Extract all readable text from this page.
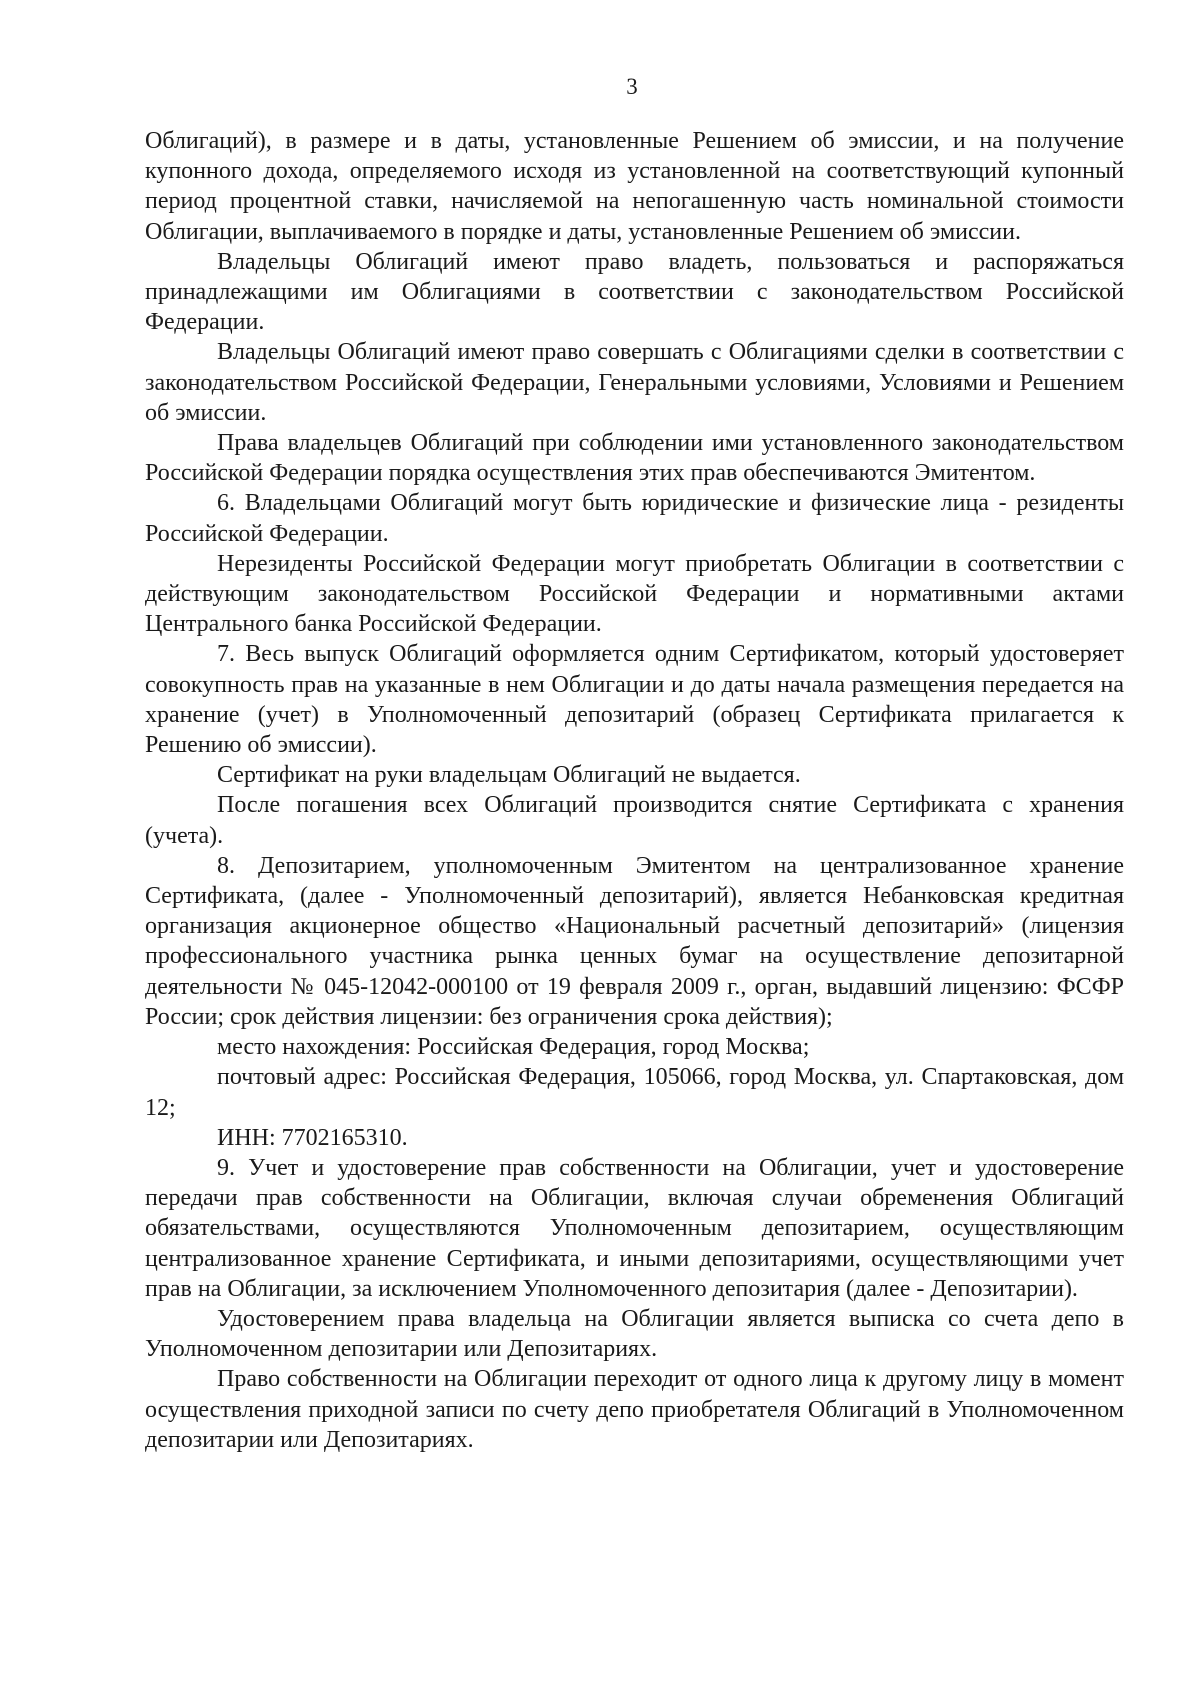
3

Облигаций), в размере и в даты, установленные Решением об эмиссии, и на получение купонного дохода, определяемого исходя из установленной на соответствующий купонный период процентной ставки, начисляемой на непогашенную часть номинальной стоимости Облигации, выплачиваемого в порядке и даты, установленные Решением об эмиссии.

Владельцы Облигаций имеют право владеть, пользоваться и распоряжаться принадлежащими им Облигациями в соответствии с законодательством Российской Федерации.

Владельцы Облигаций имеют право совершать с Облигациями сделки в соответствии с законодательством Российской Федерации, Генеральными условиями, Условиями и Решением об эмиссии.

Права владельцев Облигаций при соблюдении ими установленного законодательством Российской Федерации порядка осуществления этих прав обеспечиваются Эмитентом.

6. Владельцами Облигаций могут быть юридические и физические лица - резиденты Российской Федерации.

Нерезиденты Российской Федерации могут приобретать Облигации в соответствии с действующим законодательством Российской Федерации и нормативными актами Центрального банка Российской Федерации.

7. Весь выпуск Облигаций оформляется одним Сертификатом, который удостоверяет совокупность прав на указанные в нем Облигации и до даты начала размещения передается на хранение (учет) в Уполномоченный депозитарий (образец Сертификата прилагается к Решению об эмиссии).

Сертификат на руки владельцам Облигаций не выдается.

После погашения всех Облигаций производится снятие Сертификата с хранения (учета).

8. Депозитарием, уполномоченным Эмитентом на централизованное хранение Сертификата, (далее - Уполномоченный депозитарий), является Небанковская кредитная организация акционерное общество «Национальный расчетный депозитарий» (лицензия профессионального участника рынка ценных бумаг на осуществление депозитарной деятельности № 045-12042-000100 от 19 февраля 2009 г., орган, выдавший лицензию: ФСФР России; срок действия лицензии: без ограничения срока действия);

место нахождения: Российская Федерация, город Москва;

почтовый адрес: Российская Федерация, 105066, город Москва, ул. Спартаковская, дом 12;

ИНН: 7702165310.

9. Учет и удостоверение прав собственности на Облигации, учет и удостоверение передачи прав собственности на Облигации, включая случаи обременения Облигаций обязательствами, осуществляются Уполномоченным депозитарием, осуществляющим централизованное хранение Сертификата, и иными депозитариями, осуществляющими учет прав на Облигации, за исключением Уполномоченного депозитария (далее - Депозитарии).

Удостоверением права владельца на Облигации является выписка со счета депо в Уполномоченном депозитарии или Депозитариях.

Право собственности на Облигации переходит от одного лица к другому лицу в момент осуществления приходной записи по счету депо приобретателя Облигаций в Уполномоченном депозитарии или Депозитариях.
